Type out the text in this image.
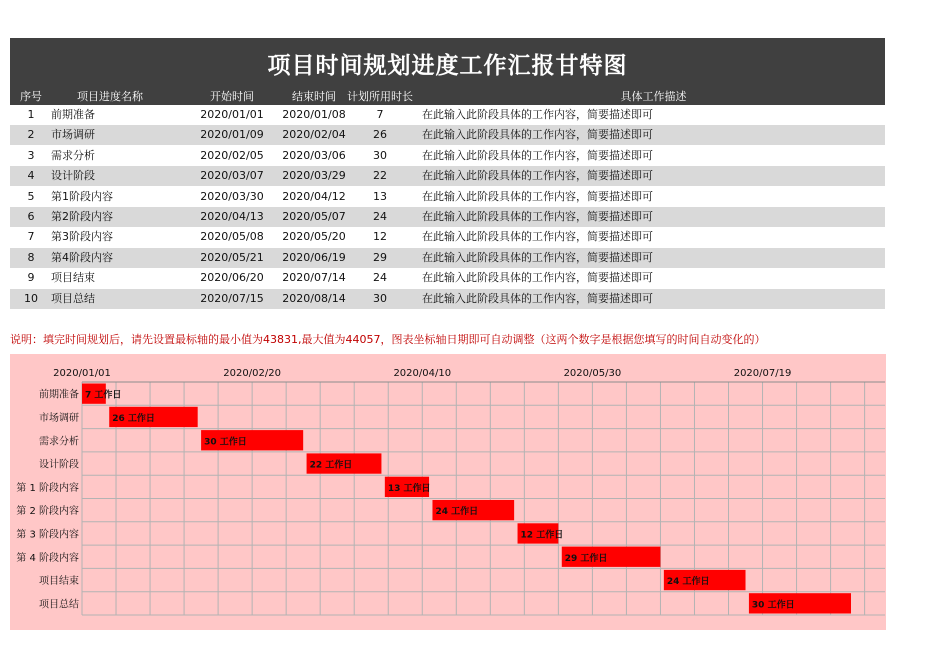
项目时间规划进度工作汇报甘特图
序号	项目进度名称	开始时间	结束时间	计划所用时长	具体工作描述
1	前期准备	2020/01/01	2020/01/08	7	在此输入此阶段具体的工作内容，简要描述即可
2	市场调研	2020/01/09	2020/02/04	26	在此输入此阶段具体的工作内容，简要描述即可
3	需求分析	2020/02/05	2020/03/06	30	在此输入此阶段具体的工作内容，简要描述即可
4	设计阶段	2020/03/07	2020/03/29	22	在此输入此阶段具体的工作内容，简要描述即可
5	第1阶段内容	2020/03/30	2020/04/12	13	在此输入此阶段具体的工作内容，简要描述即可
6	第2阶段内容	2020/04/13	2020/05/07	24	在此输入此阶段具体的工作内容，简要描述即可
7	第3阶段内容	2020/05/08	2020/05/20	12	在此输入此阶段具体的工作内容，简要描述即可
8	第4阶段内容	2020/05/21	2020/06/19	29	在此输入此阶段具体的工作内容，简要描述即可
9	项目结束	2020/06/20	2020/07/14	24	在此输入此阶段具体的工作内容，简要描述即可
10	项目总结	2020/07/15	2020/08/14	30	在此输入此阶段具体的工作内容，简要描述即可
说明：填完时间规划后，请先设置最标轴的最小值为43831,最大值为44057，图表坐标轴日期即可自动调整（这两个数字是根据您填写的时间自动变化的）
2020/01/01	2020/02/20	2020/04/10	2020/05/30	2020/07/19
前期准备 7 工作日
市场调研	26 工作日
需求分析	30 工作日
设计阶段	22 工作日
第 1 阶段内容	13 工作日
第 2 阶段内容	24 工作日
第 3 阶段内容	12 工作日
第 4 阶段内容	29 工作日
项目结束	24 工作日
项目总结	30 工作日
